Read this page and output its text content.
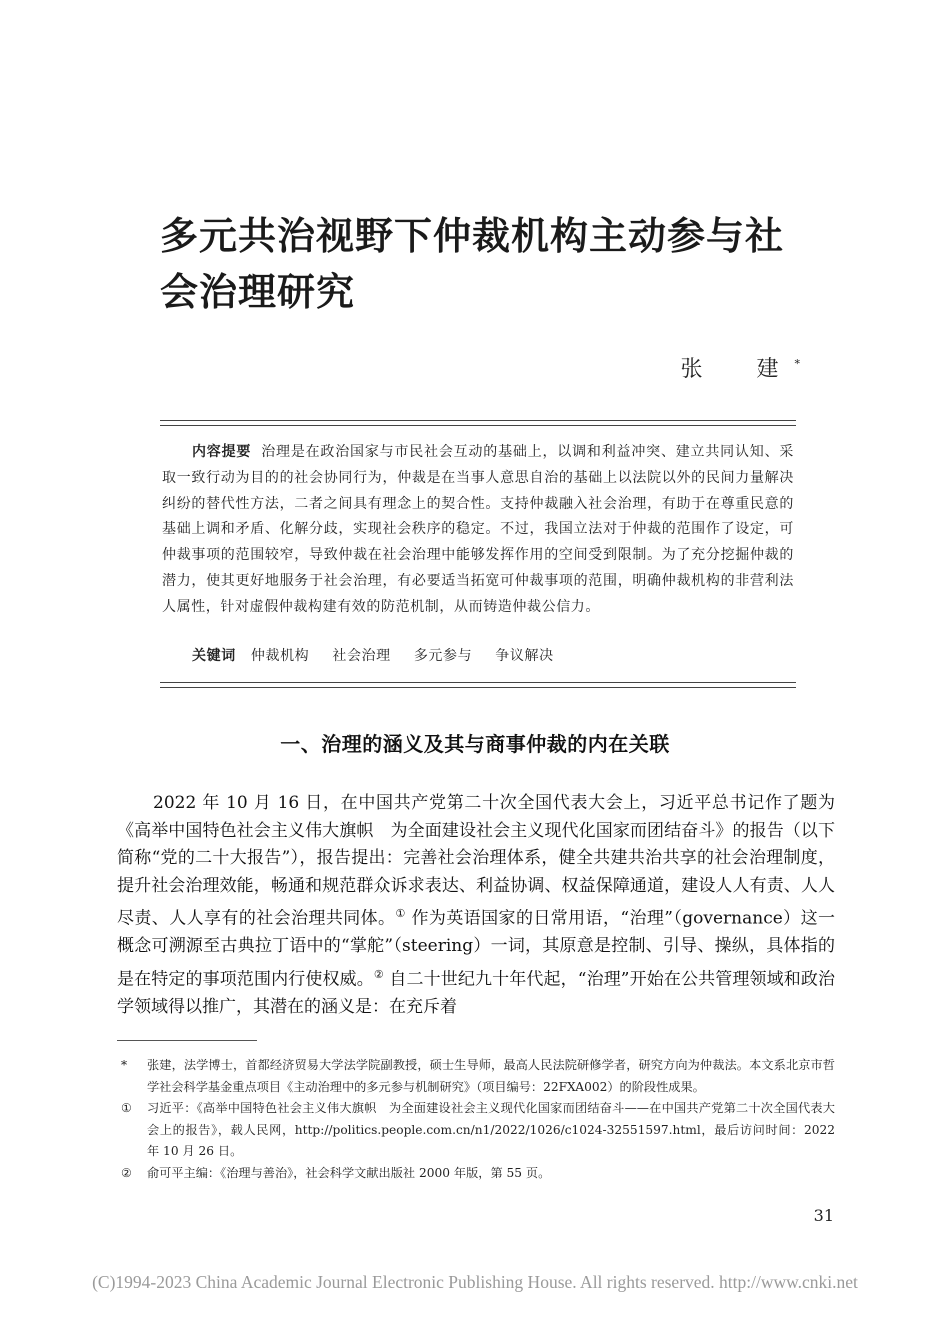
多元共治视野下仲裁机构主动参与社会治理研究
张　建*
内容提要 治理是在政治国家与市民社会互动的基础上，以调和利益冲突、建立共同认知、采取一致行动为目的的社会协同行为，仲裁是在当事人意思自治的基础上以法院以外的民间力量解决纠纷的替代性方法，二者之间具有理念上的契合性。支持仲裁融入社会治理，有助于在尊重民意的基础上调和矛盾、化解分歧，实现社会秩序的稳定。不过，我国立法对于仲裁的范围作了设定，可仲裁事项的范围较窄，导致仲裁在社会治理中能够发挥作用的空间受到限制。为了充分挖掘仲裁的潜力，使其更好地服务于社会治理，有必要适当拓宽可仲裁事项的范围，明确仲裁机构的非营利法人属性，针对虚假仲裁构建有效的防范机制，从而铸造仲裁公信力。
关键词 仲裁机构 社会治理 多元参与 争议解决
一、治理的涵义及其与商事仲裁的内在关联

2022 年 10 月 16 日，在中国共产党第二十次全国代表大会上，习近平总书记作了题为《高举中国特色社会主义伟大旗帜　为全面建设社会主义现代化国家而团结奋斗》的报告（以下简称“党的二十大报告”），报告提出：完善社会治理体系，健全共建共治共享的社会治理制度，提升社会治理效能，畅通和规范群众诉求表达、利益协调、权益保障通道，建设人人有责、人人尽责、人人享有的社会治理共同体。① 作为英语国家的日常用语，“治理”（governance）这一概念可溯源至古典拉丁语中的“掌舵”（steering）一词，其原意是控制、引导、操纵，具体指的是在特定的事项范围内行使权威。② 自二十世纪九十年代起，“治理”开始在公共管理领域和政治学领域得以推广，其潜在的涵义是：在充斥着

*	张建，法学博士，首都经济贸易大学法学院副教授，硕士生导师，最高人民法院研修学者，研究方向为仲裁法。本文系北京市哲学社会科学基金重点项目《主动治理中的多元参与机制研究》（项目编号：22FXA002）的阶段性成果。
①	习近平：《高举中国特色社会主义伟大旗帜　为全面建设社会主义现代化国家而团结奋斗——在中国共产党第二十次全国代表大会上的报告》，载人民网，http://politics.people.com.cn/n1/2022/1026/c1024-32551597.html，最后访问时间：2022 年 10 月 26 日。
②	俞可平主编：《治理与善治》，社会科学文献出版社 2000 年版，第 55 页。
31
(C)1994-2023 China Academic Journal Electronic Publishing House. All rights reserved. http://www.cnki.net
